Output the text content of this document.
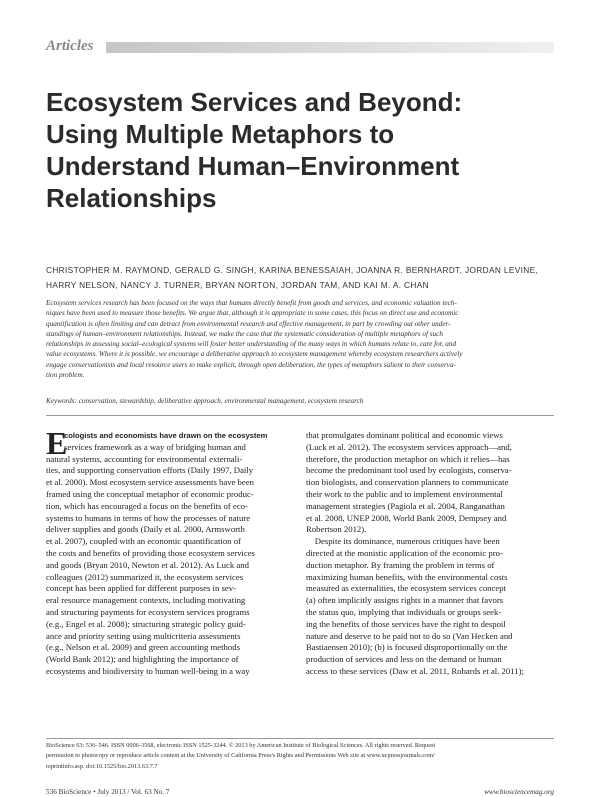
Articles
Ecosystem Services and Beyond:
Using Multiple Metaphors to
Understand Human–Environment
Relationships
CHRISTOPHER M. RAYMOND, GERALD G. SINGH, KARINA BENESSAIAH, JOANNA R. BERNHARDT, JORDAN LEVINE,
HARRY NELSON, NANCY J. TURNER, BRYAN NORTON, JORDAN TAM, AND KAI M. A. CHAN
Ecosystem services research has been focused on the ways that humans directly benefit from goods and services, and economic valuation tech-
niques have been used to measure those benefits. We argue that, although it is appropriate in some cases, this focus on direct use and economic
quantification is often limiting and can detract from environmental research and effective management, in part by crowding out other under-
standings of human–environment relationships. Instead, we make the case that the systematic consideration of multiple metaphors of such
relationships in assessing social–ecological systems will foster better understanding of the many ways in which humans relate to, care for, and
value ecosystems. Where it is possible, we encourage a deliberative approach to ecosystem management whereby ecosystem researchers actively
engage conservationists and local resource users to make explicit, through open deliberation, the types of metaphors salient to their conserva-
tion problem.
Keywords: conservation, stewardship, deliberative approach, environmental management, ecosystem research
E
cologists and economists have drawn on the ecosystem
services framework as a way of bridging human and
natural systems, accounting for environmental externali-
ties, and supporting conservation efforts (Daily 1997, Daily
et al. 2000). Most ecosystem service assessments have been
framed using the conceptual metaphor of economic produc-
tion, which has encouraged a focus on the benefits of eco-
systems to humans in terms of how the processes of nature
deliver supplies and goods (Daily et al. 2000, Armsworth
et al. 2007), coupled with an economic quantification of
the costs and benefits of providing those ecosystem services
and goods (Bryan 2010, Newton et al. 2012). As Luck and
colleagues (2012) summarized it, the ecosystem services
concept has been applied for different purposes in sev-
eral resource management contexts, including motivating
and structuring payments for ecosystem services programs
(e.g., Engel et al. 2008); structuring strategic policy guid-
ance and priority setting using multicriteria assessments
(e.g., Nelson et al. 2009) and green accounting methods
(World Bank 2012); and highlighting the importance of
ecosystems and biodiversity to human well-being in a way
that promulgates dominant political and economic views
(Luck et al. 2012). The ecosystem services approach—and,
therefore, the production metaphor on which it relies—has
become the predominant tool used by ecologists, conserva-
tion biologists, and conservation planners to communicate
their work to the public and to implement environmental
management strategies (Pagiola et al. 2004, Ranganathan
et al. 2008, UNEP 2008, World Bank 2009, Dempsey and
Robertson 2012).
 Despite its dominance, numerous critiques have been
directed at the monistic application of the economic pro-
duction metaphor. By framing the problem in terms of
maximizing human benefits, with the environmental costs
measured as externalities, the ecosystem services concept
(a) often implicitly assigns rights in a manner that favors
the status quo, implying that individuals or groups seek-
ing the benefits of those services have the right to despoil
nature and deserve to be paid not to do so (Van Hecken and
Bastiaensen 2010); (b) is focused disproportionally on the
production of services and less on the demand or human
access to these services (Daw et al. 2011, Robards et al. 2011);
BioScience 63: 536–546. ISSN 0006-3568, electronic ISSN 1525-3244. © 2013 by American Institute of Biological Sciences. All rights reserved. Request
permission to photocopy or reproduce article content at the University of California Press's Rights and Permissions Web site at www.ucpressjournals.com/
reprintinfo.asp. doi:10.1525/bio.2013.63.7.7
536 BioScience • July 2013 / Vol. 63 No. 7	www.biosciencemag.org
